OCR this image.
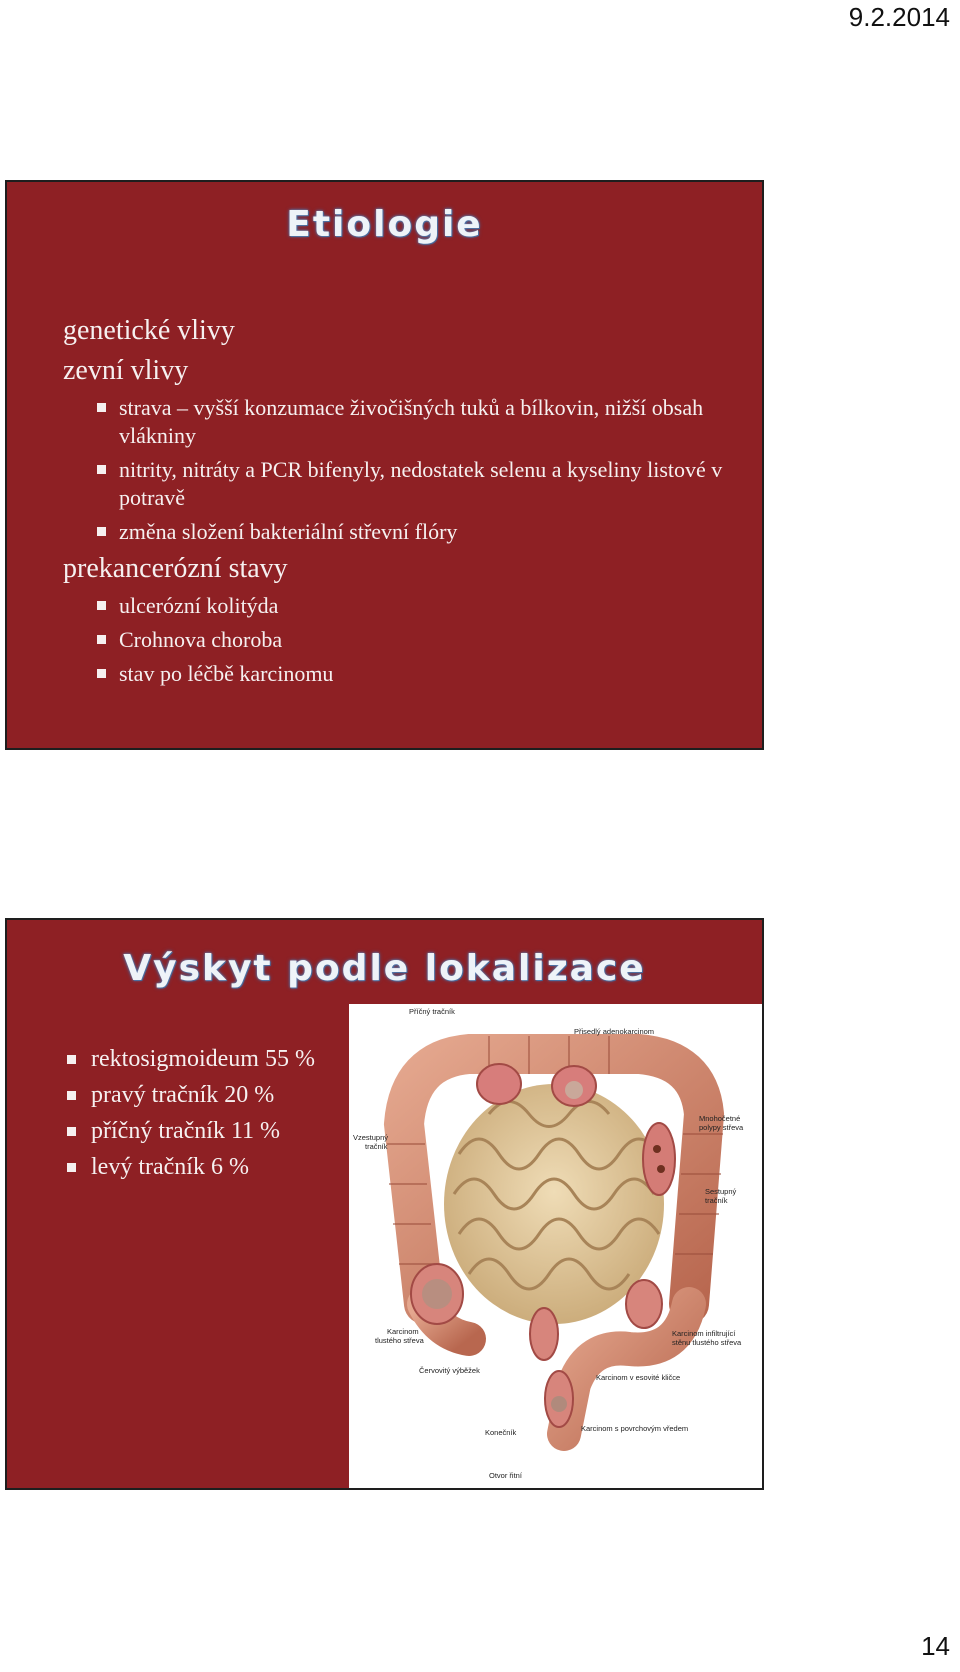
9.2.2014
Etiologie
genetické vlivy
zevní vlivy
strava – vyšší konzumace živočišných tuků a bílkovin, nižší obsah vlákniny
nitrity, nitráty a PCR bifenyly, nedostatek selenu a kyseliny listové v potravě
změna složení bakteriální střevní flóry
prekancerózní stavy
ulcerózní kolitýda
Crohnova choroba
stav po léčbě karcinomu
Výskyt podle lokalizace
rektosigmoideum 55 %
pravý tračník 20 %
příčný tračník 11 %
levý tračník 6 %
Příčný tračník
Přisedlý adenokarcinom
Mnohočetné
polypy střeva
Vzestupný
tračník
Sestupný
tračník
Karcinom
tlustého střeva
Karcinom infiltrující
stěnu tlustého střeva
Červovitý výběžek
Karcinom v esovité kličce
Karcinom s povrchovým vředem
Konečník
Otvor řitní
14
